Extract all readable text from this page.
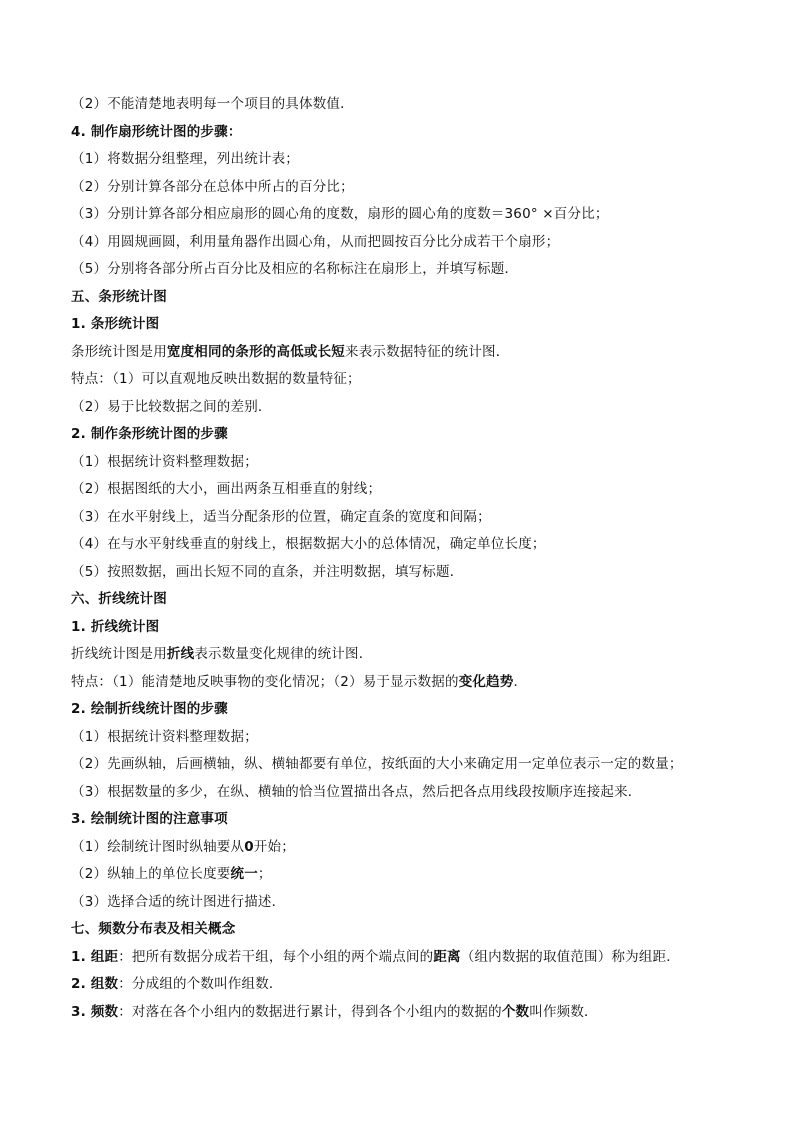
（2）不能清楚地表明每一个项目的具体数值．
4. 制作扇形统计图的步骤：
（1）将数据分组整理，列出统计表；
（2）分别计算各部分在总体中所占的百分比；
（3）分别计算各部分相应扇形的圆心角的度数，扇形的圆心角的度数＝360° ×百分比；
（4）用圆规画圆，利用量角器作出圆心角，从而把圆按百分比分成若干个扇形；
（5）分别将各部分所占百分比及相应的名称标注在扇形上，并填写标题．
五、条形统计图
1. 条形统计图
条形统计图是用宽度相同的条形的高低或长短来表示数据特征的统计图．
特点：（1）可以直观地反映出数据的数量特征；
（2）易于比较数据之间的差别．
2. 制作条形统计图的步骤
（1）根据统计资料整理数据；
（2）根据图纸的大小，画出两条互相垂直的射线；
（3）在水平射线上，适当分配条形的位置，确定直条的宽度和间隔；
（4）在与水平射线垂直的射线上，根据数据大小的总体情况，确定单位长度；
（5）按照数据，画出长短不同的直条，并注明数据，填写标题．
六、折线统计图
1. 折线统计图
折线统计图是用折线表示数量变化规律的统计图．
特点：（1）能清楚地反映事物的变化情况；（2）易于显示数据的变化趋势．
2. 绘制折线统计图的步骤
（1）根据统计资料整理数据；
（2）先画纵轴，后画横轴，纵、横轴都要有单位，按纸面的大小来确定用一定单位表示一定的数量；
（3）根据数量的多少，在纵、横轴的恰当位置描出各点，然后把各点用线段按顺序连接起来．
3. 绘制统计图的注意事项
（1）绘制统计图时纵轴要从0开始；
（2）纵轴上的单位长度要统一；
（3）选择合适的统计图进行描述．
七、频数分布表及相关概念
1. 组距：把所有数据分成若干组，每个小组的两个端点间的距离（组内数据的取值范围）称为组距．
2. 组数：分成组的个数叫作组数．
3. 频数：对落在各个小组内的数据进行累计，得到各个小组内的数据的个数叫作频数．
